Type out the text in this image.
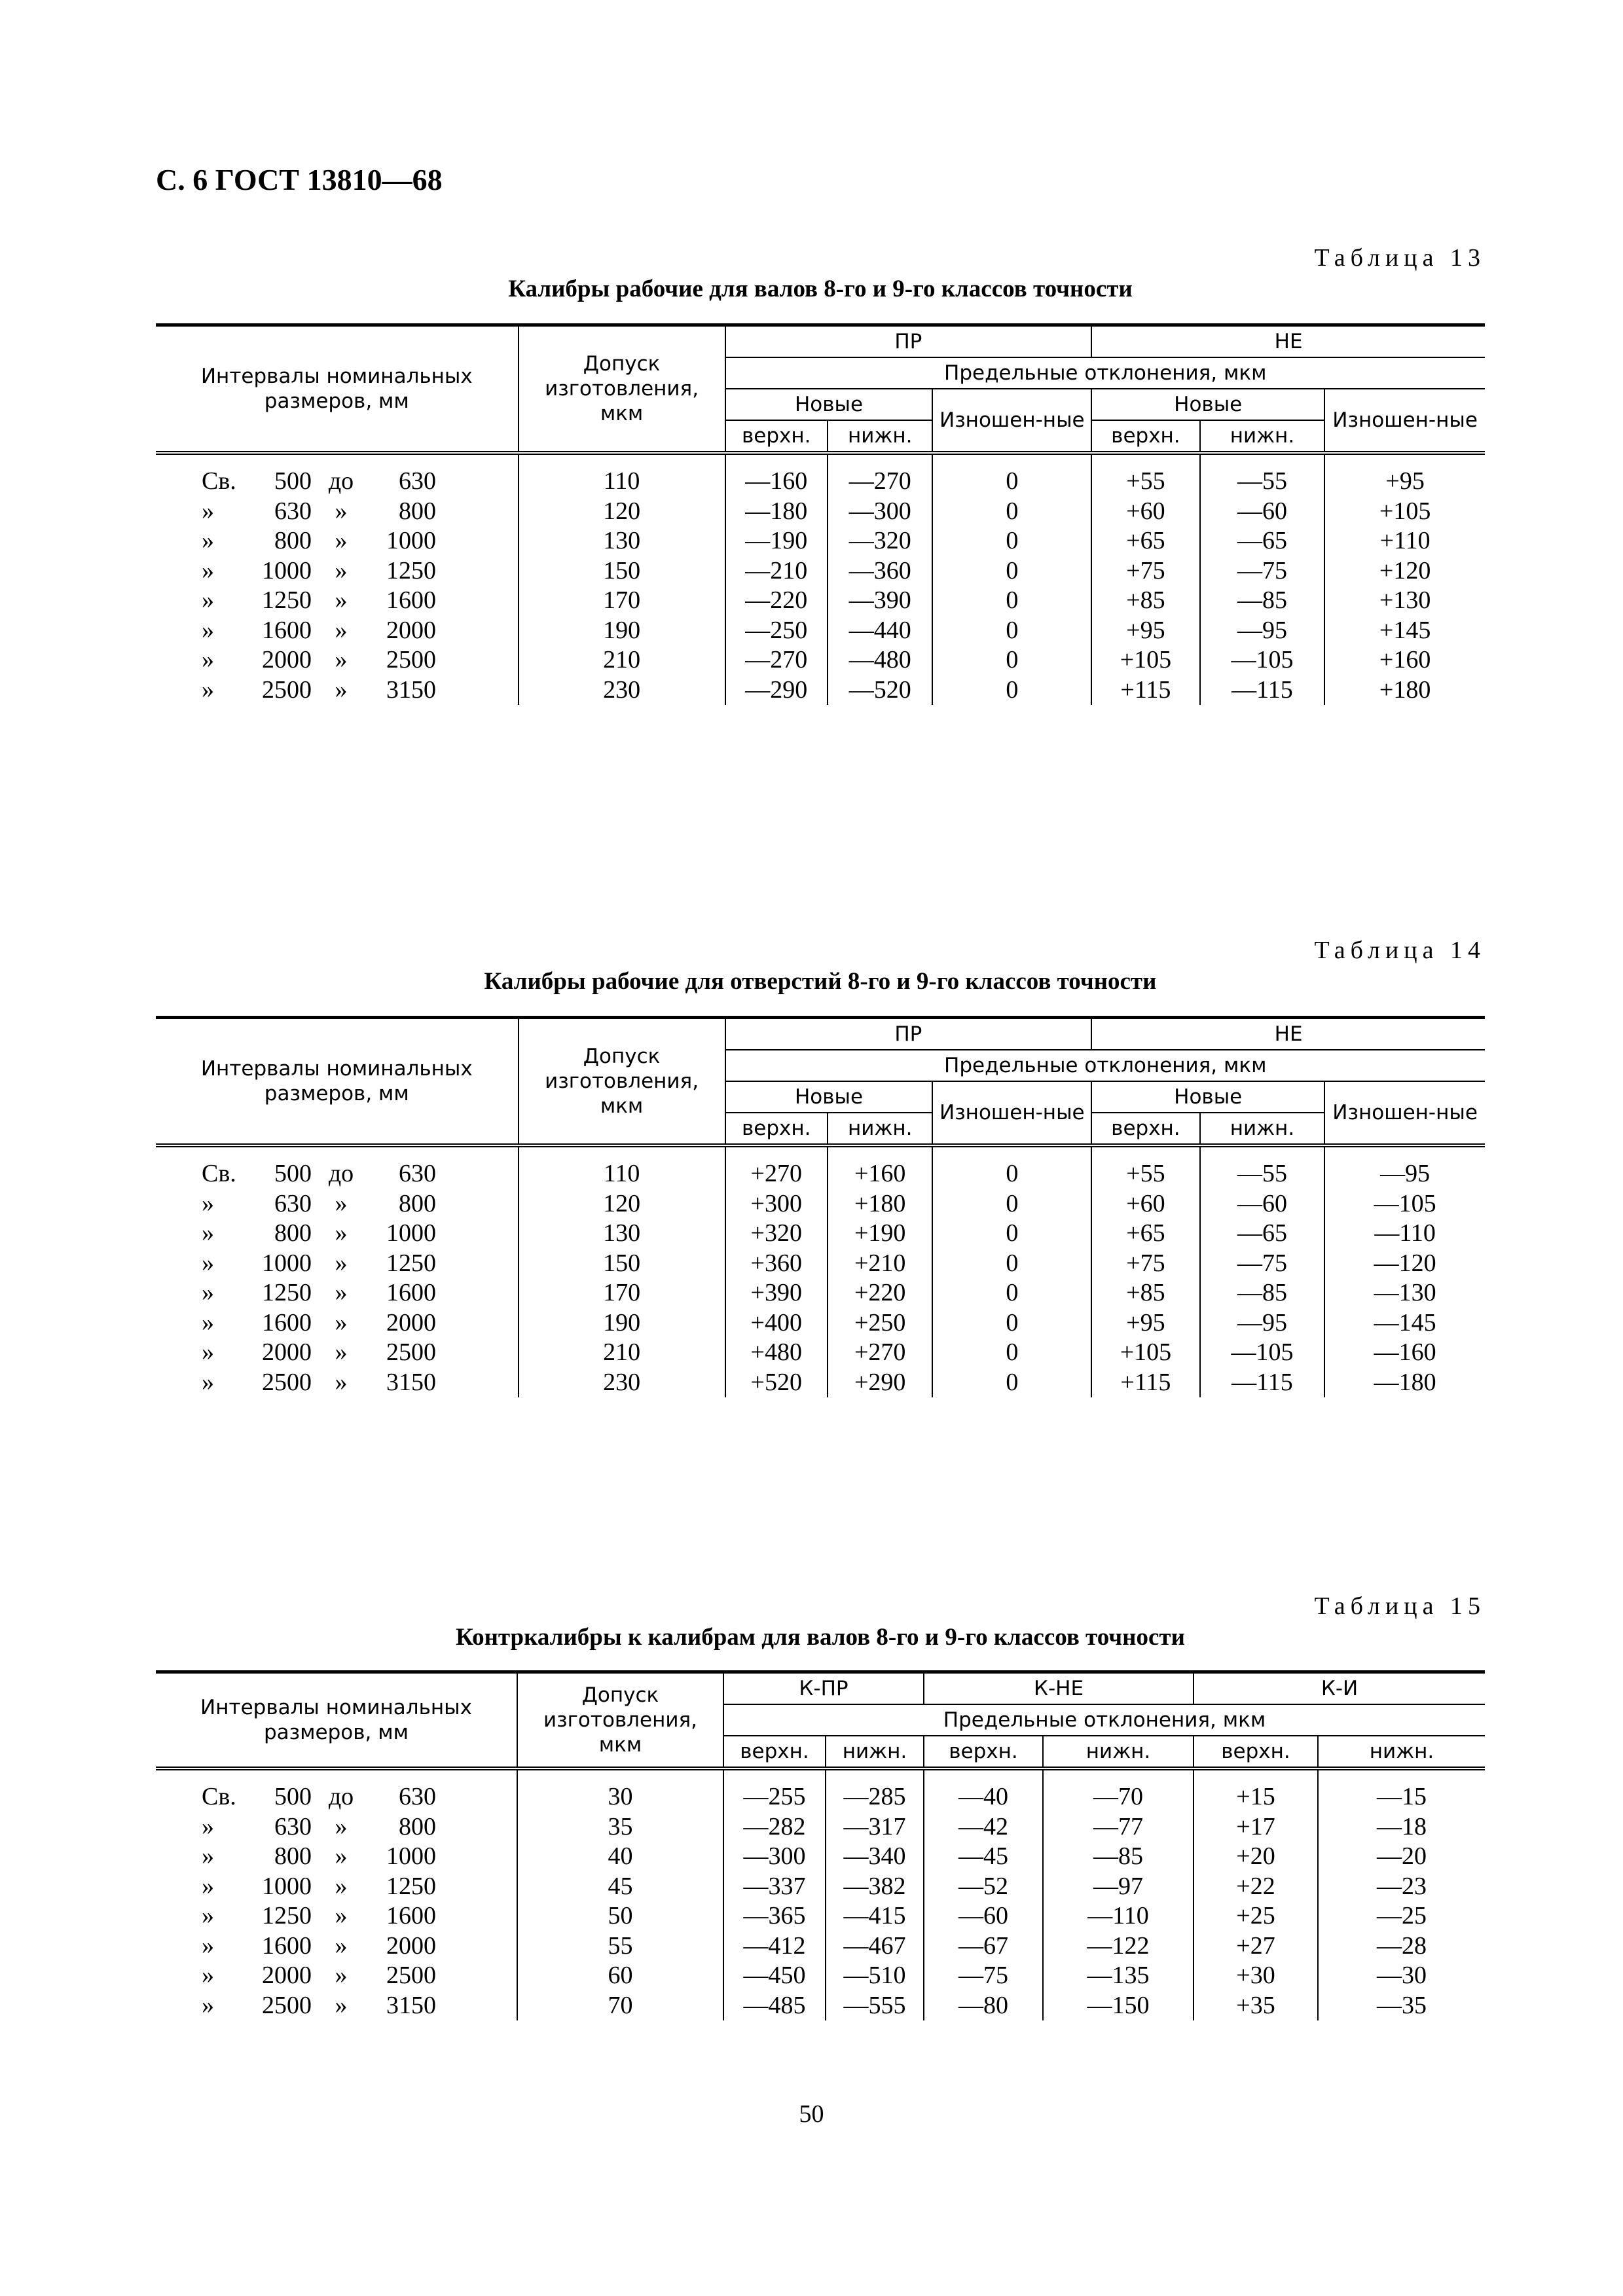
С. 6 ГОСТ 13810—68
Таблица 13
Калибры рабочие для валов 8-го и 9-го классов точности
Интервалы номинальных размеров, мм	Допуск изготовления, мкм	ПР			НЕ		
		Предельные отклонения, мкм					
		Новые		Изношен-ные	Новые		Изношен-ные
		верхн.	нижн.		верхн.	нижн.	
Св. 500 до 630	110	—160	—270	0	+55	—55	+95
» 630 » 800	120	—180	—300	0	+60	—60	+105
» 800 » 1000	130	—190	—320	0	+65	—65	+110
» 1000 » 1250	150	—210	—360	0	+75	—75	+120
» 1250 » 1600	170	—220	—390	0	+85	—85	+130
» 1600 » 2000	190	—250	—440	0	+95	—95	+145
» 2000 » 2500	210	—270	—480	0	+105	—105	+160
» 2500 » 3150	230	—290	—520	0	+115	—115	+180
Таблица 14
Калибры рабочие для отверстий 8-го и 9-го классов точности
Интервалы номинальных размеров, мм	Допуск изготовления, мкм	ПР			НЕ		
		Предельные отклонения, мкм					
		Новые		Изношен-ные	Новые		Изношен-ные
		верхн.	нижн.		верхн.	нижн.	
Св. 500 до 630	110	+270	+160	0	+55	—55	—95
» 630 » 800	120	+300	+180	0	+60	—60	—105
» 800 » 1000	130	+320	+190	0	+65	—65	—110
» 1000 » 1250	150	+360	+210	0	+75	—75	—120
» 1250 » 1600	170	+390	+220	0	+85	—85	—130
» 1600 » 2000	190	+400	+250	0	+95	—95	—145
» 2000 » 2500	210	+480	+270	0	+105	—105	—160
» 2500 » 3150	230	+520	+290	0	+115	—115	—180
Таблица 15
Контркалибры к калибрам для валов 8-го и 9-го классов точности
Интервалы номинальных размеров, мм	Допуск изготовления, мкм	К-ПР		К-НЕ		К-И	
		Предельные отклонения, мкм					
		верхн.	нижн.	верхн.	нижн.	верхн.	нижн.
Св. 500 до 630	30	—255	—285	—40	—70	+15	—15
» 630 » 800	35	—282	—317	—42	—77	+17	—18
» 800 » 1000	40	—300	—340	—45	—85	+20	—20
» 1000 » 1250	45	—337	—382	—52	—97	+22	—23
» 1250 » 1600	50	—365	—415	—60	—110	+25	—25
» 1600 » 2000	55	—412	—467	—67	—122	+27	—28
» 2000 » 2500	60	—450	—510	—75	—135	+30	—30
» 2500 » 3150	70	—485	—555	—80	—150	+35	—35
50
